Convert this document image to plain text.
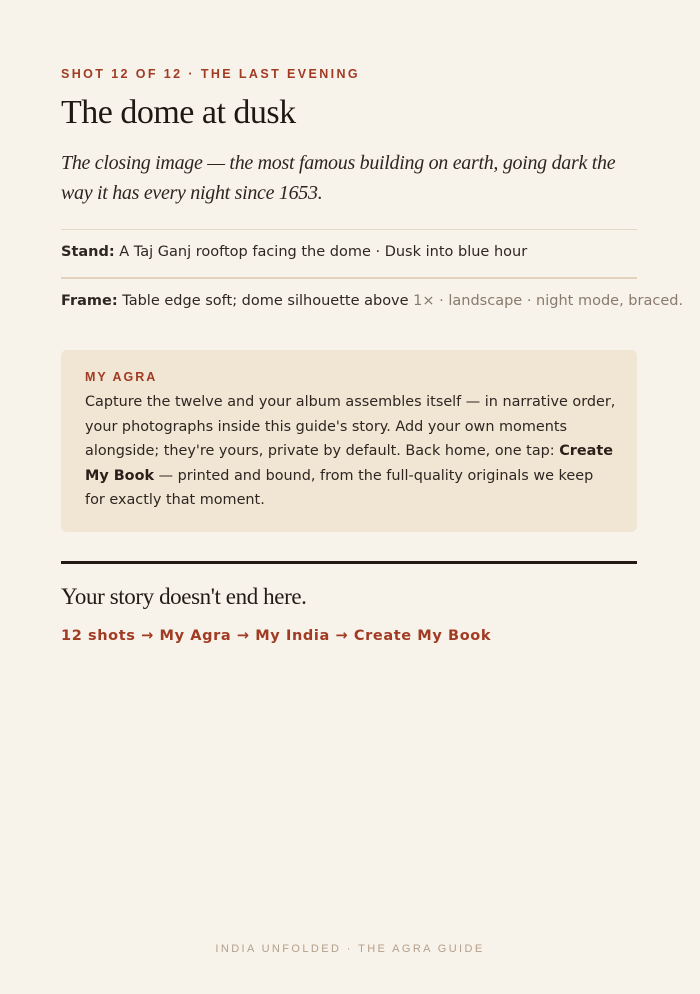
SHOT 12 OF 12 · THE LAST EVENING
The dome at dusk

The closing image — the most famous building on earth, going dark the way it has every night since 1653.

Stand: A Taj Ganj rooftop facing the dome · Dusk into blue hour
Frame: Table edge soft; dome silhouette above 1× · landscape · night mode, braced.
MY AGRA

Capture the twelve and your album assembles itself — in narrative order, your photographs inside this guide's story. Add your own moments alongside; they're yours, private by default. Back home, one tap: Create My Book — printed and bound, from the full-quality originals we keep for exactly that moment.

Your story doesn't end here.
12 shots → My Agra → My India → Create My Book
INDIA UNFOLDED · THE AGRA GUIDE
